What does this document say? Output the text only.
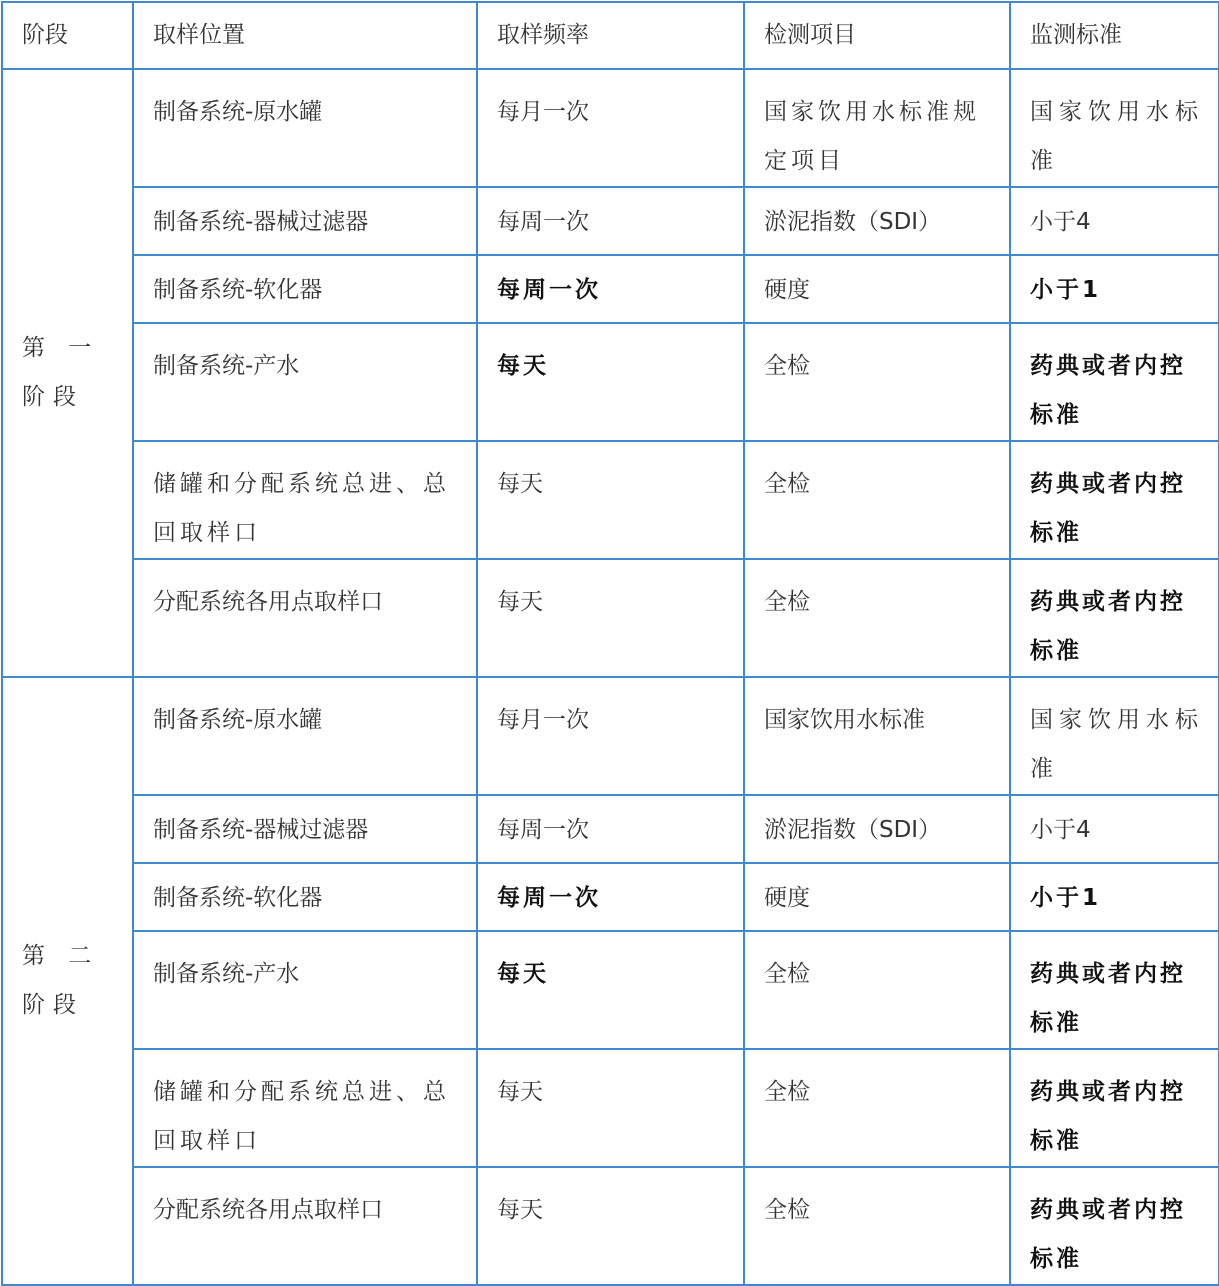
阶段	取样位置	取样频率	检测项目	监测标准
第 一 阶段	制备系统-原水罐	每月一次	国家饮用水标准规定项目	国家饮用水标准
	制备系统-器械过滤器	每周一次	淤泥指数（SDI）	小于4
	制备系统-软化器	每周一次	硬度	小于1
	制备系统-产水	每天	全检	药典或者内控标准
	储罐和分配系统总进、总回取样口	每天	全检	药典或者内控标准
	分配系统各用点取样口	每天	全检	药典或者内控标准
第 二 阶段	制备系统-原水罐	每月一次	国家饮用水标准	国家饮用水标准
	制备系统-器械过滤器	每周一次	淤泥指数（SDI）	小于4
	制备系统-软化器	每周一次	硬度	小于1
	制备系统-产水	每天	全检	药典或者内控标准
	储罐和分配系统总进、总回取样口	每天	全检	药典或者内控标准
	分配系统各用点取样口	每天	全检	药典或者内控标准
